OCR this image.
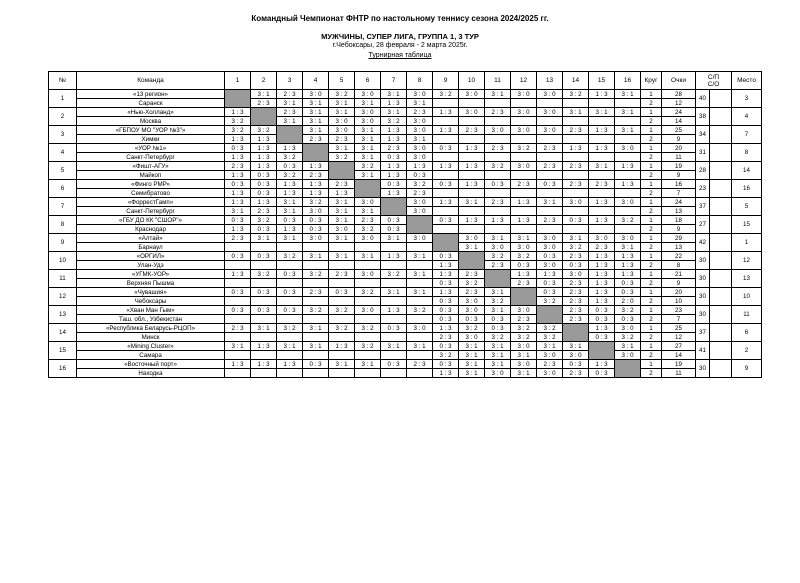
Командный Чемпионат ФНТР по настольному теннису сезона 2024/2025 гг.
МУЖЧИНЫ, СУПЕР ЛИГА, ГРУППА 1, 3 ТУР
г.Чебоксары, 28 февраля - 2 марта 2025г.
Турнирная таблица
№	Команда	1	2	3	4	5	6	7	8	9	10	11	12	13	14	15	16	Круг	Очки	С/П
С/О		Место
1	«13 регион»		3 : 1	2 : 3	3 : 0	3 : 2	3 : 0	3 : 1	3 : 0	3 : 2	3 : 0	3 : 1	3 : 0	3 : 0	3 : 2	1 : 3	3 : 1	1	28	40		3
	Саранск		2 : 3	3 : 1	3 : 1	3 : 1	3 : 1	1 : 3	3 : 1									2	12			
2	«Нью-Холланд»	1 : 3		2 : 3	3 : 1	3 : 1	3 : 0	3 : 1	2 : 3	1 : 3	3 : 0	2 : 3	3 : 0	3 : 0	3 : 1	3 : 1	3 : 1	1	24	38		4
	Москва	3 : 2		3 : 1	3 : 1	3 : 0	3 : 0	3 : 2	3 : 0									2	14			
3	«ГБПОУ МО "УОР №3"»	3 : 2	3 : 2		3 : 1	3 : 0	3 : 1	1 : 3	3 : 0	1 : 3	2 : 3	3 : 0	3 : 0	3 : 0	2 : 3	1 : 3	3 : 1	1	25	34		7
	Химки	1 : 3	1 : 3		2 : 3	2 : 3	3 : 1	1 : 3	3 : 1									2	9			
4	«УОР №1»	0 : 3	1 : 3	1 : 3		3 : 1	3 : 1	2 : 3	3 : 0	0 : 3	1 : 3	2 : 3	3 : 2	2 : 3	1 : 3	1 : 3	3 : 0	1	20	31		8
	Санкт-Петербург	1 : 3	1 : 3	3 : 2		3 : 2	3 : 1	0 : 3	3 : 0									2	11			
5	«Фишт-АГУ»	2 : 3	1 : 3	0 : 3	1 : 3		3 : 2	1 : 3	1 : 3	1 : 3	1 : 3	3 : 2	3 : 0	2 : 3	2 : 3	3 : 1	1 : 3	1	19	28		14
	Майкоп	1 : 3	0 : 3	3 : 2	2 : 3		3 : 1	1 : 3	0 : 3									2	9			
6	«Финго РМР»	0 : 3	0 : 3	1 : 3	1 : 3	2 : 3		0 : 3	3 : 2	0 : 3	1 : 3	0 : 3	2 : 3	0 : 3	2 : 3	2 : 3	1 : 3	1	16	23		16
	Семибратово	1 : 3	0 : 3	1 : 3	1 : 3	1 : 3		1 : 3	2 : 3									2	7			
7	«ФоррестГамп»	1 : 3	1 : 3	3 : 1	3 : 2	3 : 1	3 : 0		3 : 0	1 : 3	3 : 1	2 : 3	1 : 3	3 : 1	3 : 0	1 : 3	3 : 0	1	24	37		5
	Санкт-Петербург	3 : 1	2 : 3	3 : 1	3 : 0	3 : 1	3 : 1		3 : 0									2	13			
8	«ГБУ ДО КК "СШОР"»	0 : 3	3 : 2	0 : 3	0 : 3	3 : 1	2 : 3	0 : 3		0 : 3	1 : 3	1 : 3	1 : 3	2 : 3	0 : 3	1 : 3	3 : 2	1	18	27		15
	Краснодар	1 : 3	0 : 3	1 : 3	0 : 3	3 : 0	3 : 2	0 : 3										2	9			
9	«Алтай»	2 : 3	3 : 1	3 : 1	3 : 0	3 : 1	3 : 0	3 : 1	3 : 0		3 : 0	3 : 1	3 : 1	3 : 0	3 : 1	3 : 0	3 : 0	1	29	42		1
	Барнаул										3 : 1	3 : 0	3 : 0	3 : 0	3 : 2	2 : 3	3 : 1	2	13			
10	«ОРГИЛ»	0 : 3	0 : 3	3 : 2	3 : 1	3 : 1	3 : 1	1 : 3	3 : 1	0 : 3		3 : 2	3 : 2	0 : 3	2 : 3	1 : 3	1 : 3	1	22	30		12
	Улан-Удэ									1 : 3		2 : 3	0 : 3	3 : 0	0 : 3	1 : 3	1 : 3	2	8			
11	«УГМК-УОР»	1 : 3	3 : 2	0 : 3	3 : 2	2 : 3	3 : 0	3 : 2	3 : 1	1 : 3	2 : 3		1 : 3	1 : 3	3 : 0	1 : 3	1 : 3	1	21	30		13
	Верхняя Пышма									0 : 3	3 : 2		2 : 3	0 : 3	2 : 3	1 : 3	0 : 3	2	9			
12	«Чувашия»	0 : 3	0 : 3	0 : 3	2 : 3	0 : 3	3 : 2	3 : 1	3 : 1	1 : 3	2 : 3	3 : 1		0 : 3	2 : 3	1 : 3	0 : 3	1	20	30		10
	Чебоксары									0 : 3	3 : 0	3 : 2		3 : 2	2 : 3	1 : 3	2 : 0	2	10			
13	«Хван Ман Гым»	0 : 3	0 : 3	0 : 3	3 : 2	3 : 2	3 : 0	1 : 3	3 : 2	0 : 3	3 : 0	3 : 1	3 : 0		2 : 3	0 : 3	3 : 2	1	23	30		11
	Таш. обл., Узбекистан									0 : 3	0 : 3	0 : 3	2 : 3		2 : 3	0 : 3	0 : 3	2	7			
14	«Республика Беларусь-РЦОП»	2 : 3	3 : 1	3 : 2	3 : 1	3 : 2	3 : 2	0 : 3	3 : 0	1 : 3	3 : 2	0 : 3	3 : 2	3 : 2		1 : 3	3 : 0	1	25	37		6
	Минск									2 : 3	3 : 0	3 : 2	3 : 2	3 : 2		0 : 3	3 : 2	2	12			
15	«Mining Cluster»	3 : 1	1 : 3	3 : 1	3 : 1	1 : 3	3 : 2	3 : 1	3 : 1	0 : 3	3 : 1	3 : 1	3 : 0	3 : 1	3 : 1		3 : 1	1	27	41		2
	Самара									3 : 2	3 : 1	3 : 1	3 : 1	3 : 0	3 : 0		3 : 0	2	14			
16	«Восточный порт»	1 : 3	1 : 3	1 : 3	0 : 3	3 : 1	3 : 1	0 : 3	2 : 3	0 : 3	3 : 1	3 : 1	3 : 0	2 : 3	0 : 3	1 : 3		1	19	30		9
	Находка									1 : 3	3 : 1	3 : 0	3 : 1	3 : 0	2 : 3	0 : 3		2	11			
